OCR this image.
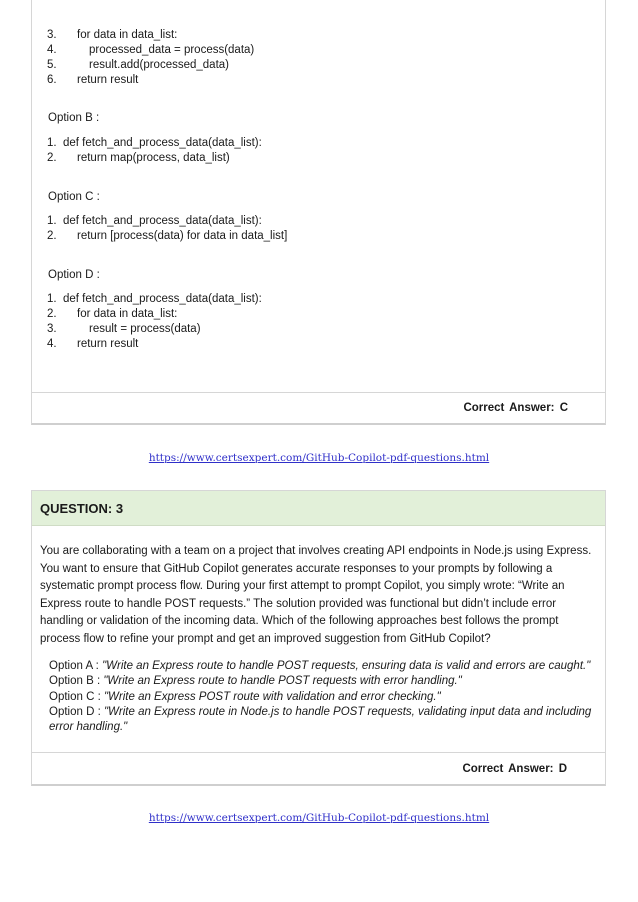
3. for data in data_list:
4.	processed_data = process(data)
5.	result.add(processed_data)
6. return result
Option B :
1. def fetch_and_process_data(data_list):
2. return map(process, data_list)
Option C :
1. def fetch_and_process_data(data_list):
2. return [process(data) for data in data_list]
Option D :
1. def fetch_and_process_data(data_list):
2. for data in data_list:
3.	result = process(data)
4. return result
Correct Answer: C
https://www.certsexpert.com/GitHub-Copilot-pdf-questions.html
QUESTION: 3
You are collaborating with a team on a project that involves creating API endpoints in Node.js using Express. You want to ensure that GitHub Copilot generates accurate responses to your prompts by following a systematic prompt process flow. During your first attempt to prompt Copilot, you simply wrote: “Write an Express route to handle POST requests.” The solution provided was functional but didn’t include error handling or validation of the incoming data. Which of the following approaches best follows the prompt process flow to refine your prompt and get an improved suggestion from GitHub Copilot?
Option A : "Write an Express route to handle POST requests, ensuring data is valid and errors are caught."
Option B : "Write an Express route to handle POST requests with error handling."
Option C : "Write an Express POST route with validation and error checking."
Option D : "Write an Express route in Node.js to handle POST requests, validating input data and including error handling."
Correct Answer: D
https://www.certsexpert.com/GitHub-Copilot-pdf-questions.html
